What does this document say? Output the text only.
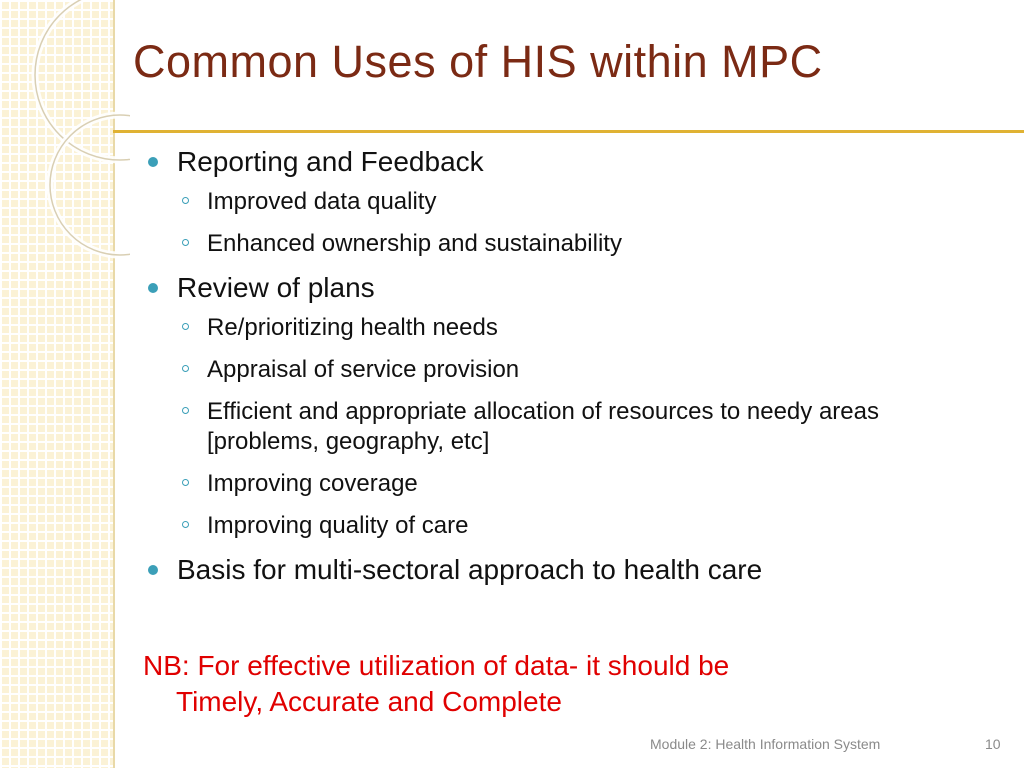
Common Uses of HIS within MPC
Reporting and Feedback
Improved data quality
Enhanced ownership and sustainability
Review of plans
Re/prioritizing health needs
Appraisal of service provision
Efficient and appropriate allocation of resources to needy areas [problems, geography, etc]
Improving coverage
Improving quality of care
Basis for multi-sectoral approach to health care
NB: For effective utilization of data- it should be
Timely, Accurate and Complete
Module 2: Health Information System	10
